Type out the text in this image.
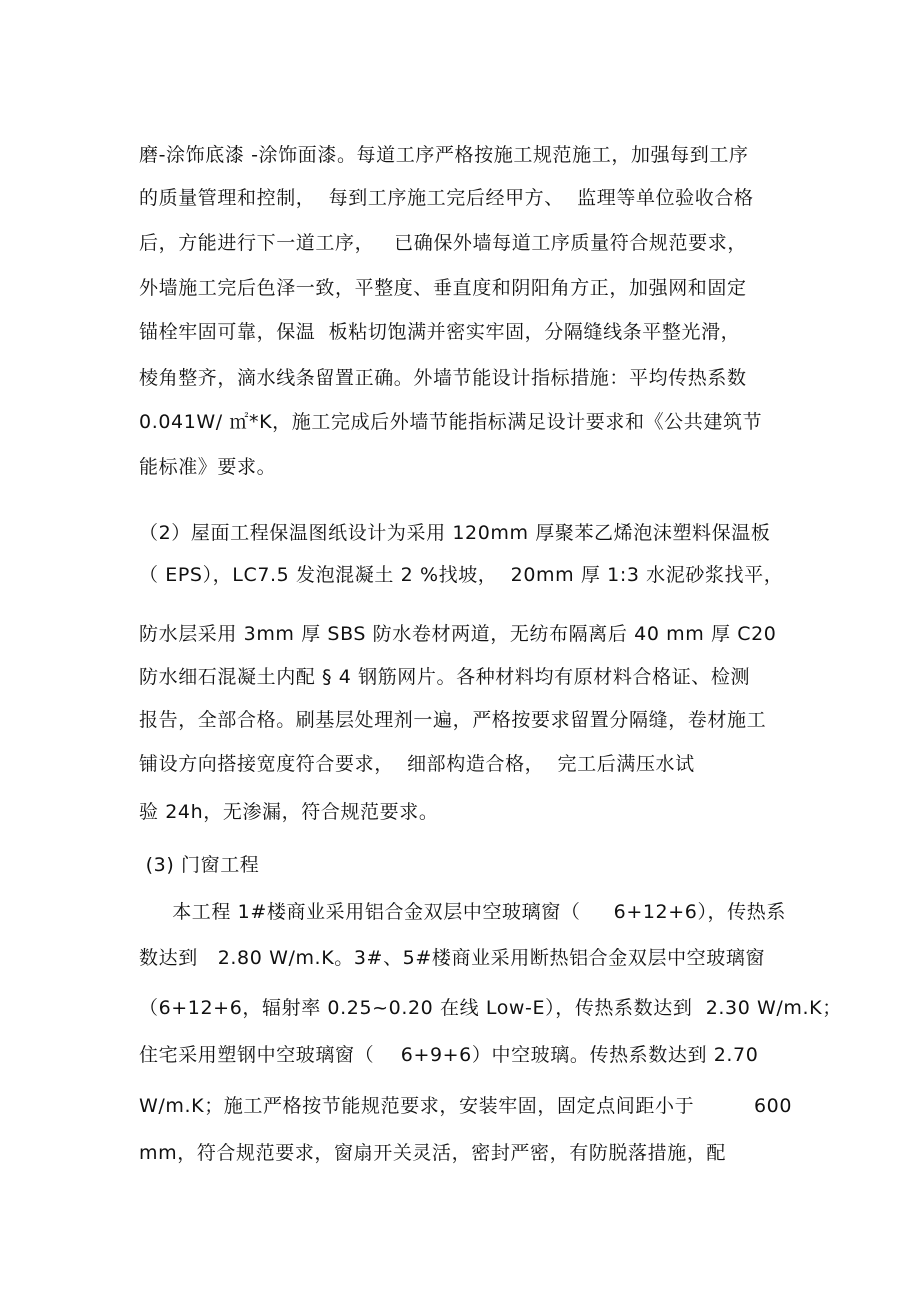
磨-涂饰底漆 -涂饰面漆。每道工序严格按施工规范施工，加强每到工序
的质量管理和控制，  每到工序施工完后经甲方、  监理等单位验收合格
后，方能进行下一道工序，   已确保外墙每道工序质量符合规范要求，
外墙施工完后色泽一致，平整度、垂直度和阴阳角方正，加强网和固定
锚栓牢固可靠，保温  板粘切饱满并密实牢固，分隔缝线条平整光滑，
棱角整齐，滴水线条留置正确。外墙节能设计指标措施：平均传热系数
0.041W/ ㎡*K，施工完成后外墙节能指标满足设计要求和《公共建筑节
能标准》要求。
（2）屋面工程保温图纸设计为采用 120mm 厚聚苯乙烯泡沫塑料保温板
（ EPS），LC7.5 发泡混凝土 2 %找坡，  20mm 厚 1:3 水泥砂浆找平，
防水层采用 3mm 厚 SBS 防水卷材两道，无纺布隔离后 40 mm 厚 C20
防水细石混凝土内配 § 4 钢筋网片。各种材料均有原材料合格证、检测
报告，全部合格。刷基层处理剂一遍，严格按要求留置分隔缝，卷材施工
铺设方向搭接宽度符合要求，  细部构造合格，  完工后满压水试
验 24h，无渗漏，符合规范要求。
(3) 门窗工程
本工程 1#楼商业采用铝合金双层中空玻璃窗（     6+12+6），传热系
数达到   2.80 W/m.K。3#、5#楼商业采用断热铝合金双层中空玻璃窗
（6+12+6，辐射率 0.25~0.20 在线 Low-E），传热系数达到  2.30 W/m.K；
住宅采用塑钢中空玻璃窗（    6+9+6）中空玻璃。传热系数达到 2.70
W/m.K；施工严格按节能规范要求，安装牢固，固定点间距小于         600
mm，符合规范要求，窗扇开关灵活，密封严密，有防脱落措施，配
